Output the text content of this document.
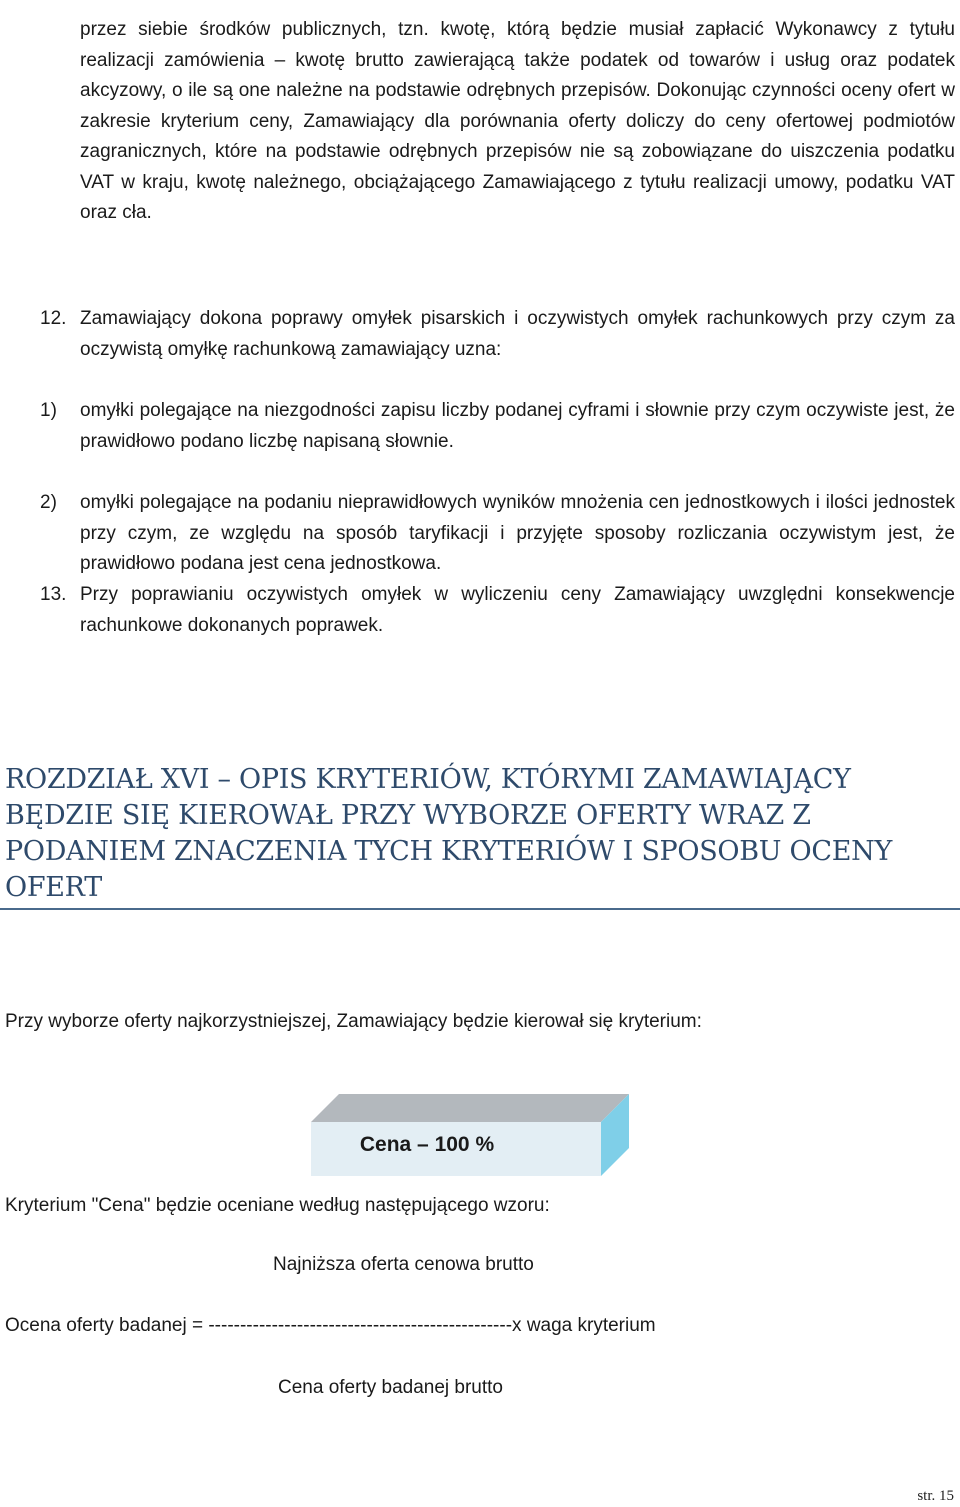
przez siebie środków publicznych, tzn. kwotę, którą będzie musiał zapłacić Wykonawcy z tytułu realizacji zamówienia – kwotę brutto zawierającą także podatek od towarów i usług oraz podatek akcyzowy, o ile są one należne na podstawie odrębnych przepisów. Dokonując czynności oceny ofert w zakresie kryterium ceny, Zamawiający dla porównania oferty doliczy do ceny ofertowej podmiotów zagranicznych, które na podstawie odrębnych przepisów nie są zobowiązane do uiszczenia podatku VAT w kraju, kwotę należnego, obciążającego Zamawiającego z tytułu realizacji umowy, podatku VAT oraz cła.

12. Zamawiający dokona poprawy omyłek pisarskich i oczywistych omyłek rachunkowych przy czym za oczywistą omyłkę rachunkową zamawiający uzna:
1)	omyłki polegające na niezgodności zapisu liczby podanej cyframi i słownie przy czym oczywiste jest, że prawidłowo podano liczbę napisaną słownie.
2)	omyłki polegające na podaniu nieprawidłowych wyników mnożenia cen jednostkowych i ilości jednostek przy czym, ze względu na sposób taryfikacji i przyjęte sposoby rozliczania oczywistym jest, że prawidłowo podana jest cena jednostkowa.
13. Przy poprawianiu oczywistych omyłek w wyliczeniu ceny Zamawiający uwzględni konsekwencje rachunkowe dokonanych poprawek.
ROZDZIAŁ XVI – OPIS KRYTERIÓW, KTÓRYMI ZAMAWIAJĄCY BĘDZIE SIĘ KIEROWAŁ PRZY WYBORZE OFERTY WRAZ Z PODANIEM ZNACZENIA TYCH KRYTERIÓW I SPOSOBU OCENY OFERT
Przy wyborze oferty najkorzystniejszej, Zamawiający będzie kierował się kryterium:
Cena – 100 %
Kryterium "Cena" będzie oceniane według następującego wzoru:
Najniższa oferta cenowa brutto
Ocena oferty badanej = ------------------------------------------------x waga kryterium
Cena oferty badanej brutto
str. 15
